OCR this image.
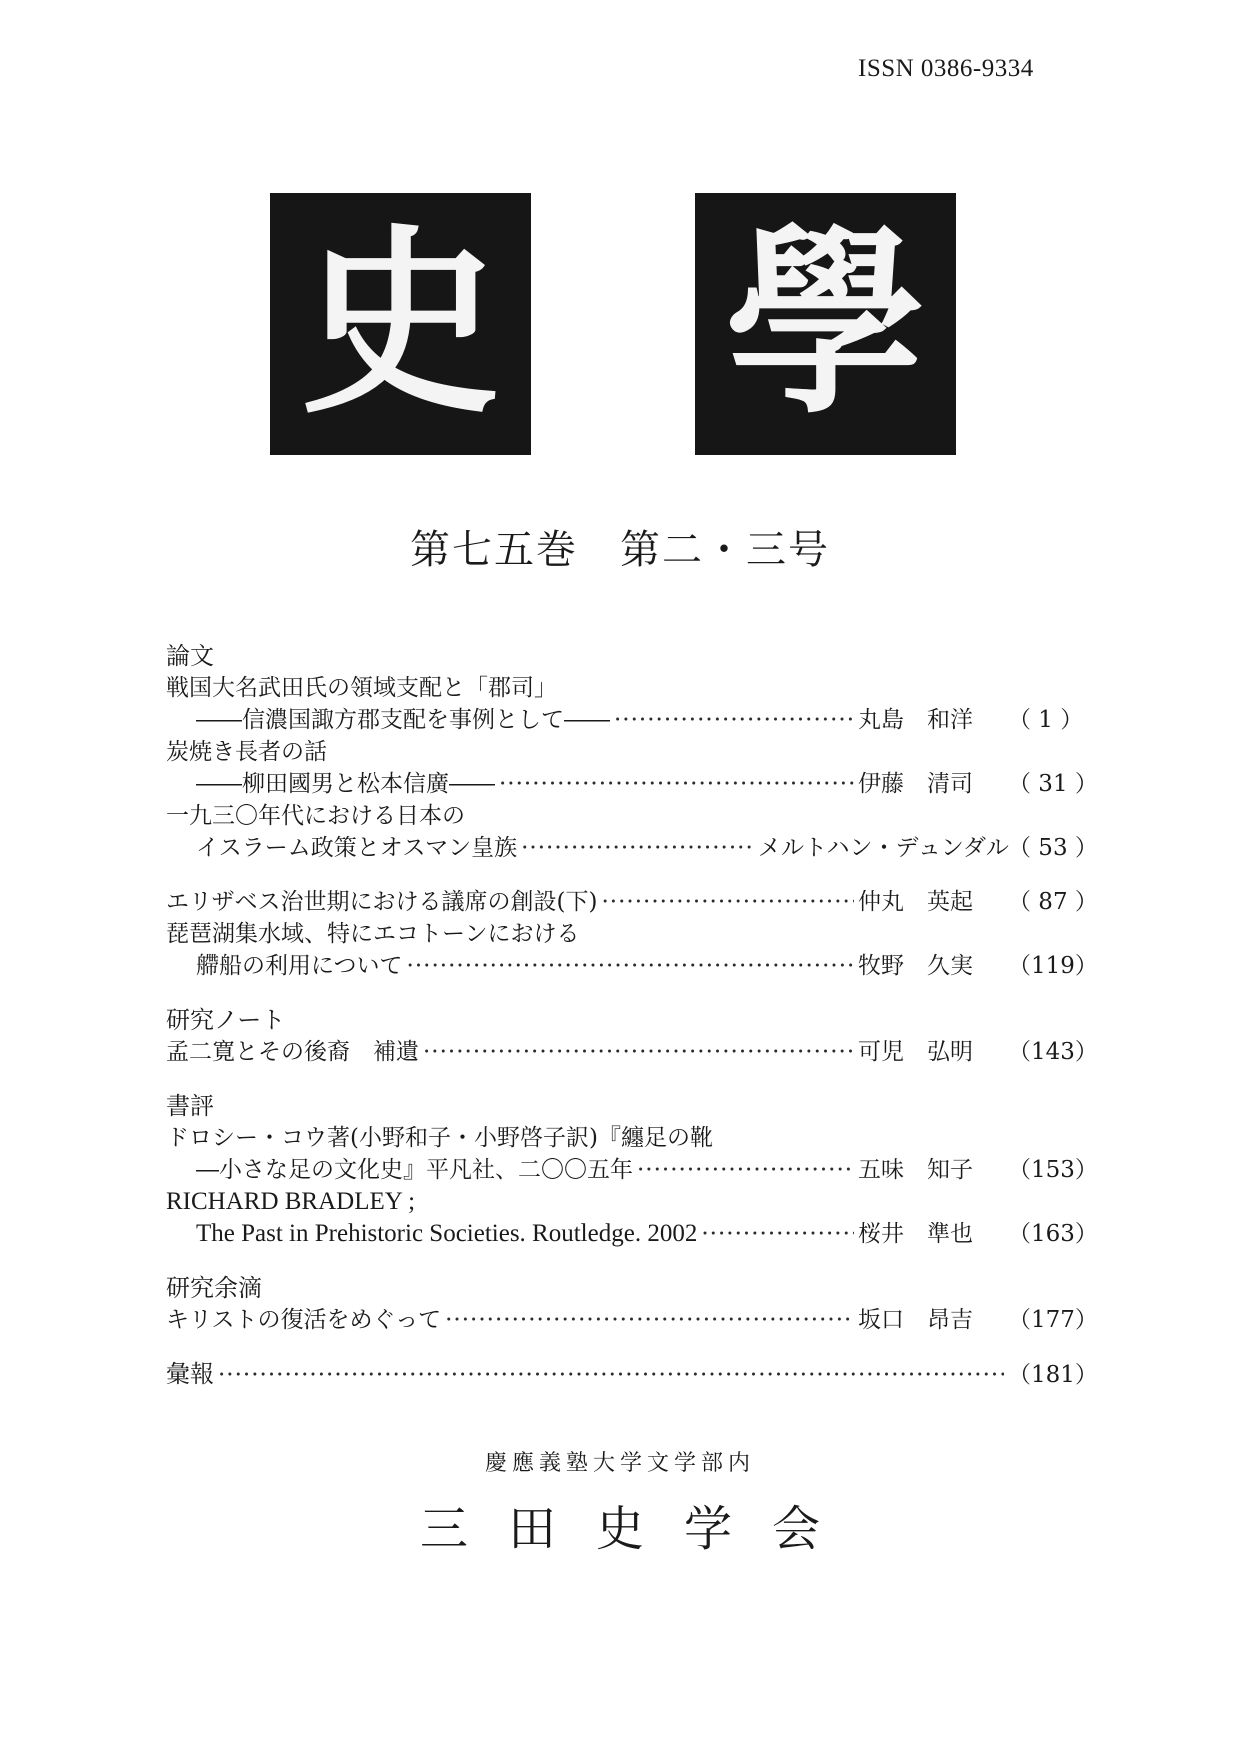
ISSN 0386-9334
史 學
第七五巻　第二・三号
論文
戦国大名武田氏の領域支配と「郡司」
――信濃国諏方郡支配を事例として―― ·····	丸島　和洋	（ 1 ）
炭焼き長者の話
――柳田國男と松本信廣―― ·····	伊藤　清司	（ 31 ）
一九三〇年代における日本の
イスラーム政策とオスマン皇族 ·····	メルトハン・デュンダル （ 53 ）
エリザベス治世期における議席の創設(下) ·····	仲丸　英起	（ 87 ）
琵琶湖集水域、特にエコトーンにおける
艜船の利用について ·····	牧野　久実	（119）
研究ノート
孟二寛とその後裔　補遺 ·····	可児　弘明	（143）
書評
ドロシー・コウ著(小野和子・小野啓子訳)『纏足の靴
―小さな足の文化史』平凡社、二〇〇五年 ·····	五味　知子	（153）
RICHARD BRADLEY ;
The Past in Prehistoric Societies. Routledge. 2002 ·····	桜井　準也	（163）
研究余滴
キリストの復活をめぐって ·····	坂口　昂吉	（177）
彙報 ·····	（181）
慶應義塾大学文学部内
三田史学会
